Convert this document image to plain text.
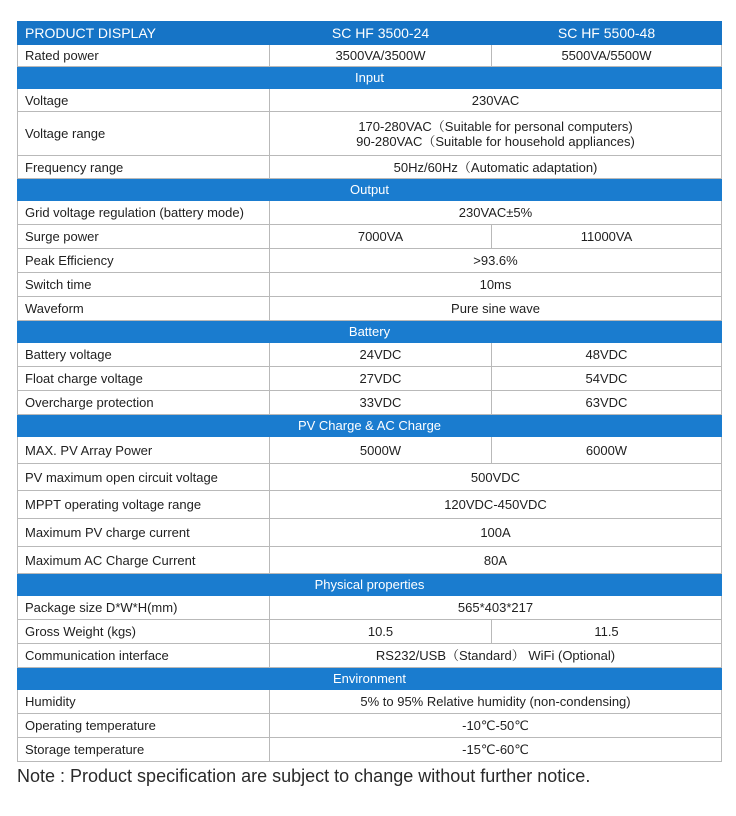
PRODUCT DISPLAY	SC HF 3500-24	SC HF 5500-48
Rated power	3500VA/3500W	5500VA/5500W
Input		
Voltage	230VAC	
Voltage range	170-280VAC（Suitable for personal computers)
90-280VAC（Suitable for household appliances)	

Frequency range	50Hz/60Hz（Automatic adaptation)	
Output		
Grid voltage regulation (battery mode)	230VAC±5%	
Surge power	7000VA	11000VA
Peak Efficiency	>93.6%	
Switch time	10ms	
Waveform	Pure sine wave	
Battery		
Battery voltage	24VDC	48VDC
Float charge voltage	27VDC	54VDC
Overcharge protection	33VDC	63VDC
PV Charge & AC Charge		
MAX. PV Array Power	5000W	6000W
PV maximum open circuit voltage	500VDC	
MPPT operating voltage range	120VDC-450VDC	
Maximum PV charge current	100A	
Maximum AC Charge Current	80A	
Physical properties		
Package size D*W*H(mm)	565*403*217	
Gross Weight (kgs)	10.5	11.5
Communication interface	RS232/USB（Standard） WiFi (Optional)	
Environment		
Humidity	5% to 95% Relative humidity (non-condensing)	
Operating temperature	-10℃-50℃	
Storage temperature	-15℃-60℃	
Note : Product specification are subject to change without further notice.
